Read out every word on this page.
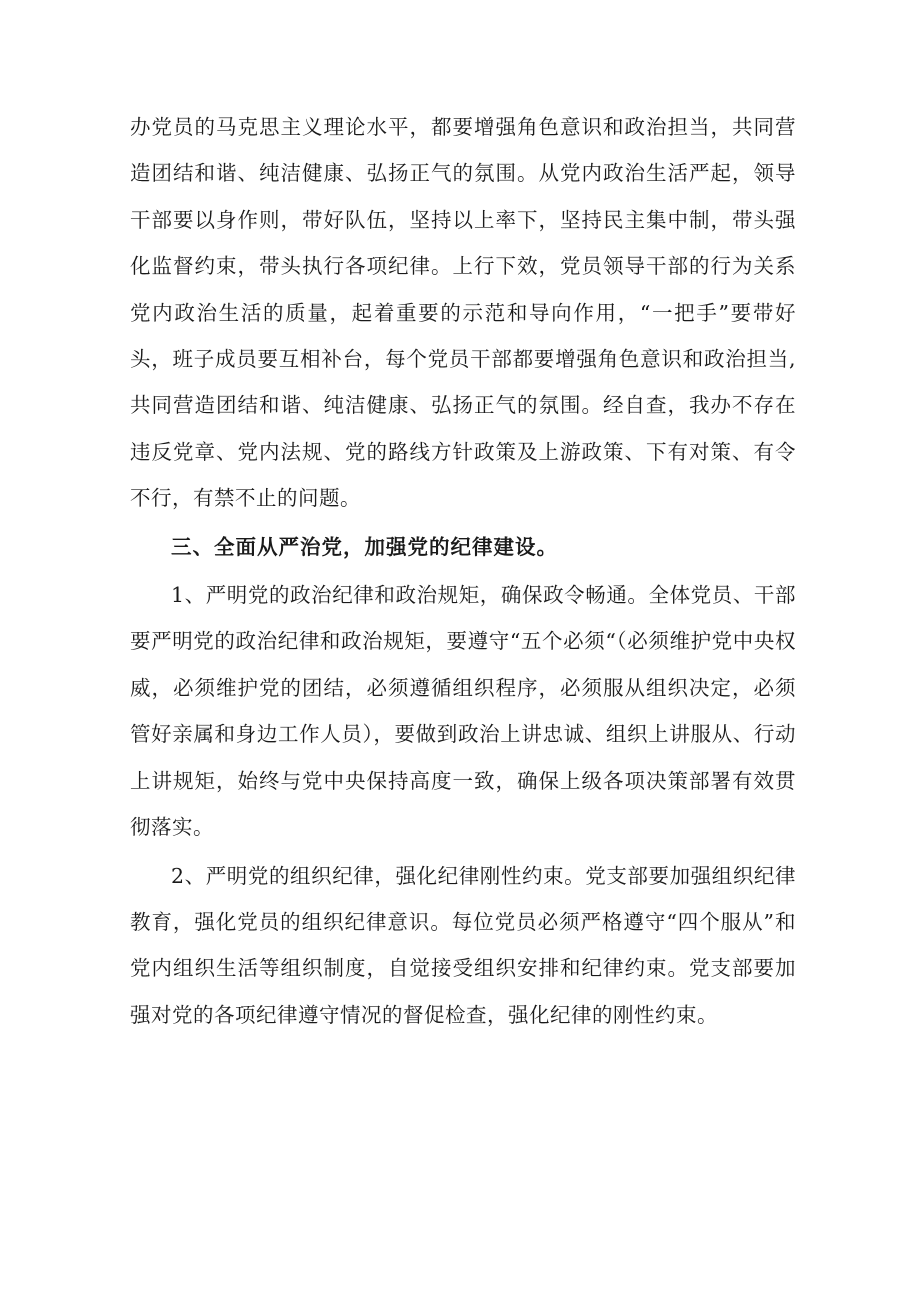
办党员的马克思主义理论水平，都要增强角色意识和政治担当，共同营造团结和谐、纯洁健康、弘扬正气的氛围。从党内政治生活严起，领导干部要以身作则，带好队伍，坚持以上率下，坚持民主集中制，带头强化监督约束，带头执行各项纪律。上行下效，党员领导干部的行为关系党内政治生活的质量，起着重要的示范和导向作用，“一把手”要带好头，班子成员要互相补台，每个党员干部都要增强角色意识和政治担当,共同营造团结和谐、纯洁健康、弘扬正气的氛围。经自查，我办不存在违反党章、党内法规、党的路线方针政策及上游政策、下有对策、有令不行，有禁不止的问题。

三、全面从严治党，加强党的纪律建设。

1、严明党的政治纪律和政治规矩，确保政令畅通。全体党员、干部要严明党的政治纪律和政治规矩，要遵守“五个必须“（必须维护党中央权威，必须维护党的团结，必须遵循组织程序，必须服从组织决定，必须管好亲属和身边工作人员），要做到政治上讲忠诚、组织上讲服从、行动上讲规矩，始终与党中央保持高度一致，确保上级各项决策部署有效贯彻落实。

2、严明党的组织纪律，强化纪律刚性约束。党支部要加强组织纪律教育，强化党员的组织纪律意识。每位党员必须严格遵守“四个服从”和党内组织生活等组织制度，自觉接受组织安排和纪律约束。党支部要加强对党的各项纪律遵守情况的督促检查，强化纪律的刚性约束。
